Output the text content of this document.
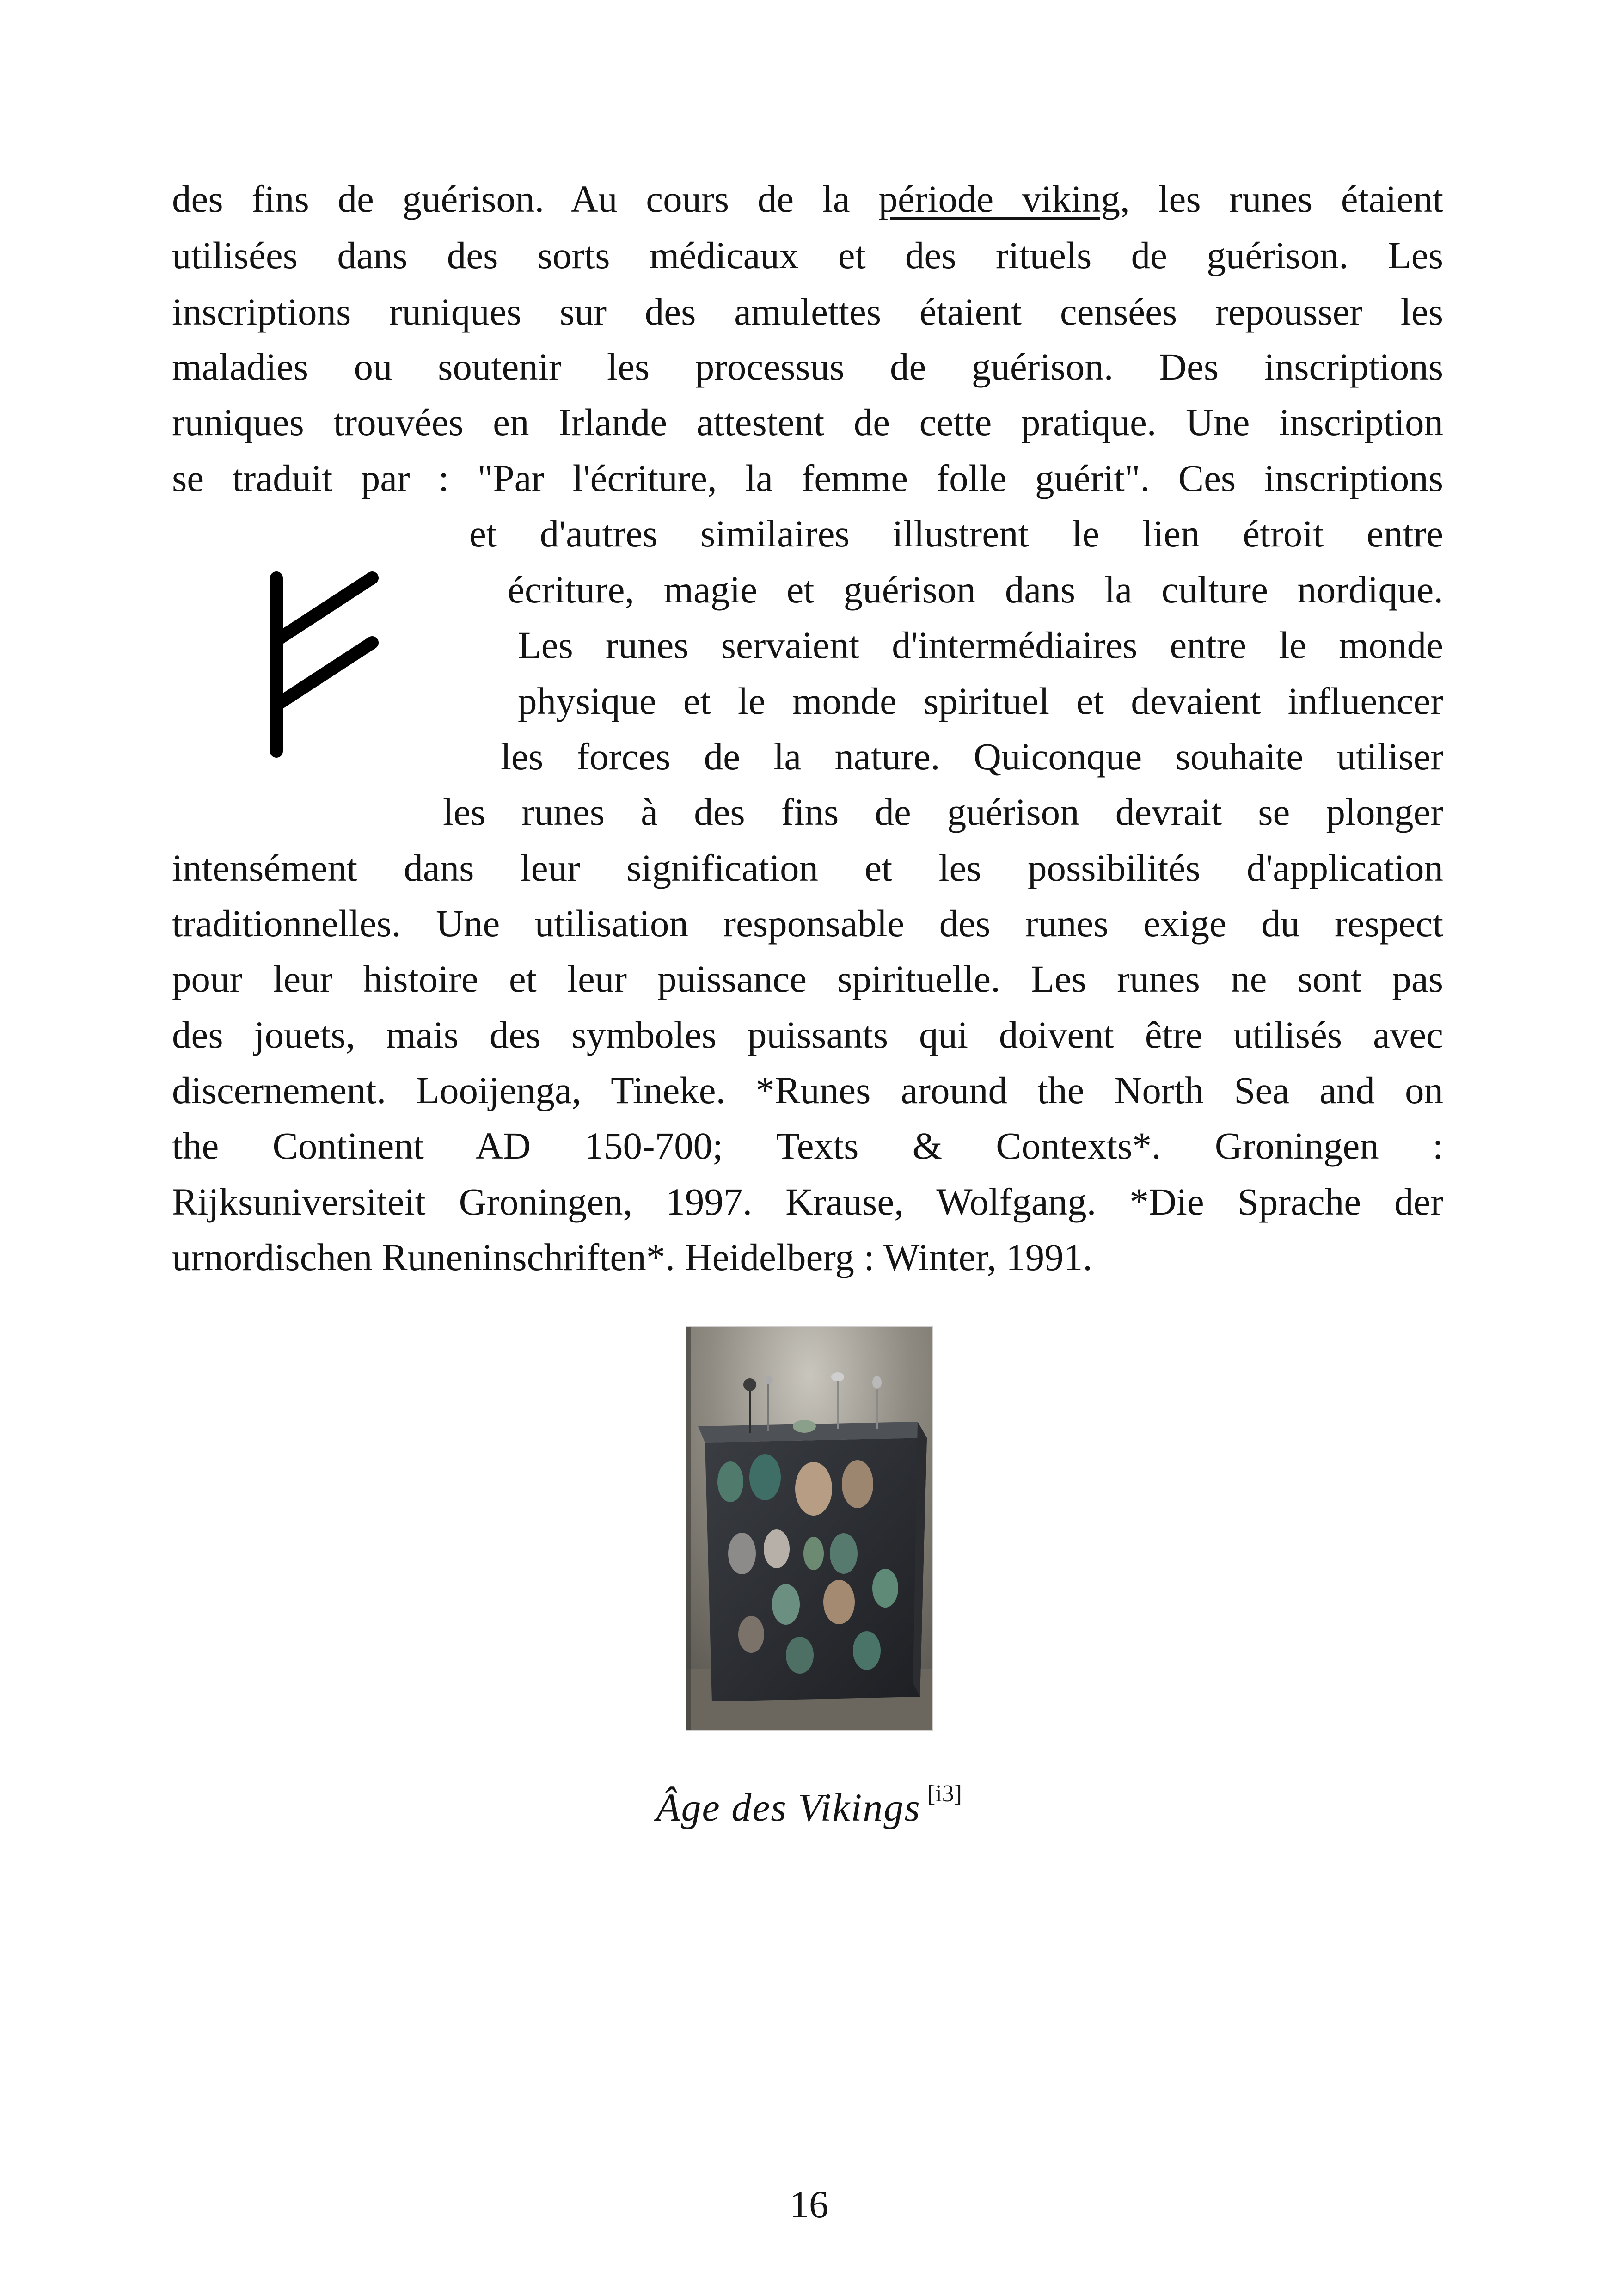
des fins de guérison. Au cours de la période viking, les runes étaient
utilisées dans des sorts médicaux et des rituels de guérison. Les
inscriptions runiques sur des amulettes étaient censées repousser les
maladies ou soutenir les processus de guérison. Des inscriptions
runiques trouvées en Irlande attestent de cette pratique. Une inscription
se traduit par : "Par l'écriture, la femme folle guérit". Ces inscriptions
et d'autres similaires illustrent le lien étroit entre
écriture, magie et guérison dans la culture nordique.
Les runes servaient d'intermédiaires entre le monde
physique et le monde spirituel et devaient influencer
les forces de la nature. Quiconque souhaite utiliser
les runes à des fins de guérison devrait se plonger
intensément dans leur signification et les possibilités d'application
traditionnelles. Une utilisation responsable des runes exige du respect
pour leur histoire et leur puissance spirituelle. Les runes ne sont pas
des jouets, mais des symboles puissants qui doivent être utilisés avec
discernement. Looijenga, Tineke. *Runes around the North Sea and on
the Continent AD 150-700; Texts & Contexts*. Groningen :
Rijksuniversiteit Groningen, 1997. Krause, Wolfgang. *Die Sprache der
urnordischen Runeninschriften*. Heidelberg : Winter, 1991.
Âge des Vikings [i3]
16
